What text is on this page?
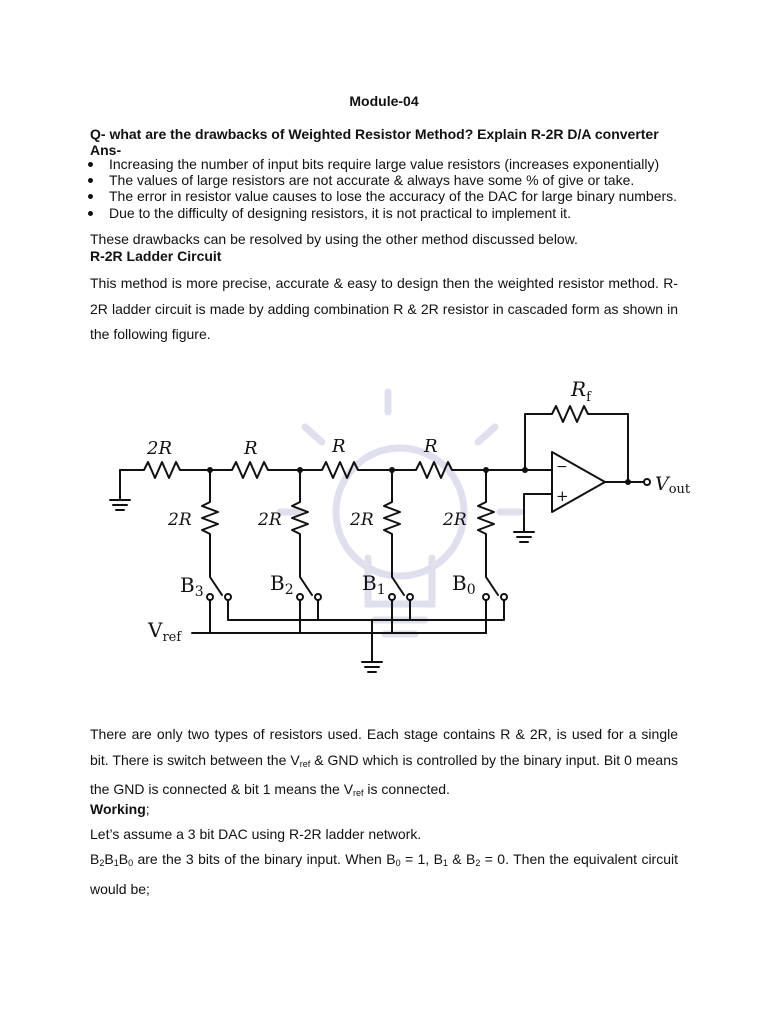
Module-04
Q- what are the drawbacks of Weighted Resistor Method? Explain R-2R D/A converter
Ans-
Increasing the number of input bits require large value resistors (increases exponentially)
The values of large resistors are not accurate & always have some % of give or take.
The error in resistor value causes to lose the accuracy of the DAC for large binary numbers.
Due to the difficulty of designing resistors, it is not practical to implement it.
These drawbacks can be resolved by using the other method discussed below.
R-2R Ladder Circuit
This method is more precise, accurate & easy to design then the weighted resistor method. R-2R ladder circuit is made by adding combination R & 2R resistor in cascaded form as shown in the following figure.
2R	R	R	R
2R	2R	2R	2R
$B_3$	$B_2$	$B_1$	$B_0$
$V_{ref}$
Vout
$R_f$
−
+
There are only two types of resistors used. Each stage contains R & 2R, is used for a single bit. There is switch between the $V_{ref}$ & GND which is controlled by the binary input. Bit 0 means the GND is connected & bit 1 means the $V_{ref}$ is connected.
Working;
Let’s assume a 3 bit DAC using R-2R ladder network.
$B_2B_1B_0$ are the 3 bits of the binary input. When $B_0 = 1$, $B_1$ & $B_2 = 0$. Then the equivalent circuit would be;
